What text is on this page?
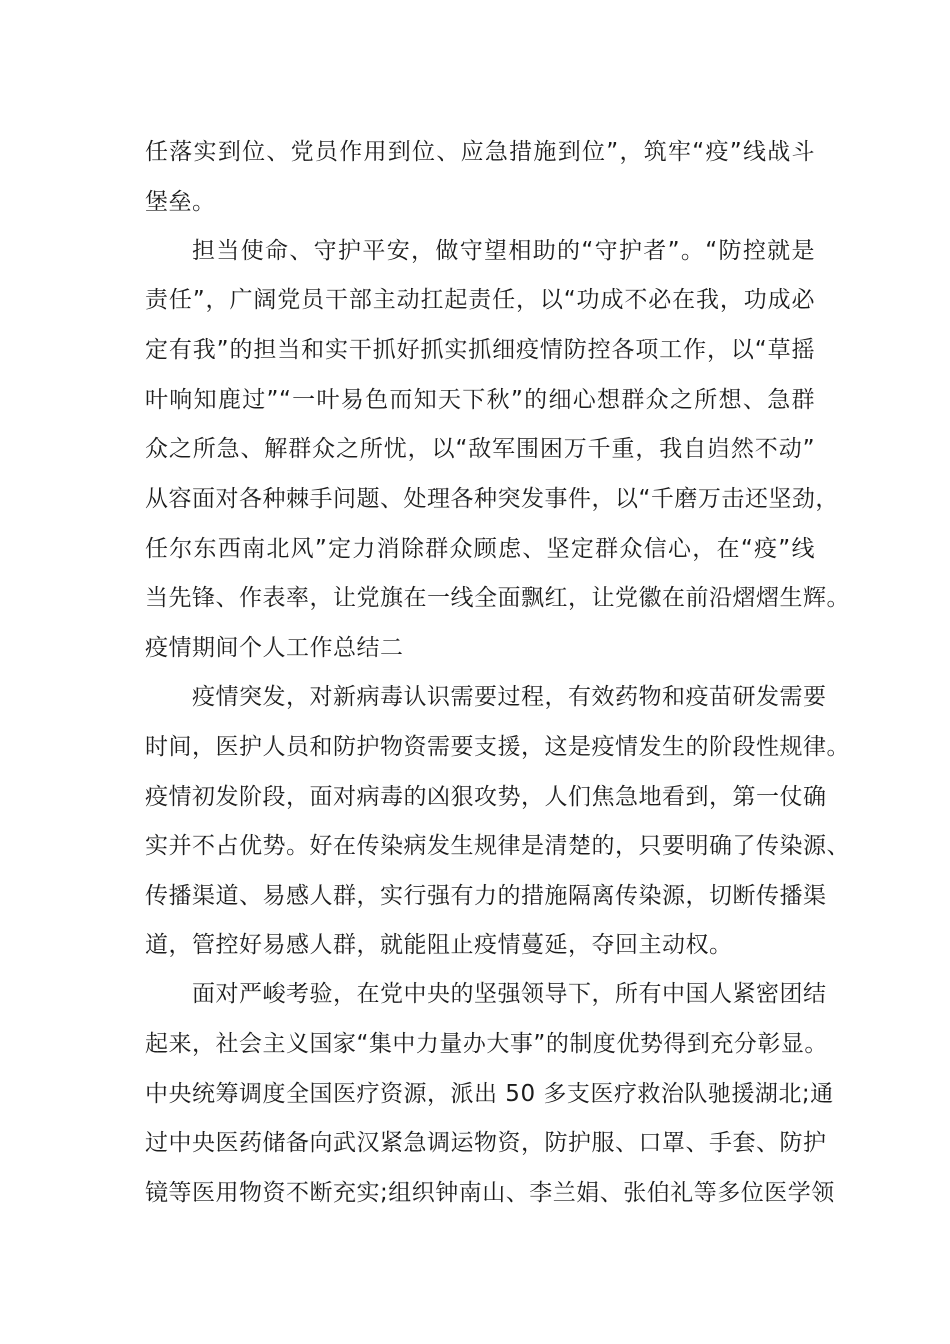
任落实到位、党员作用到位、应急措施到位”，筑牢“疫”线战斗
堡垒。
担当使命、守护平安，做守望相助的“守护者”。“防控就是
责任”，广阔党员干部主动扛起责任，以“功成不必在我，功成必
定有我”的担当和实干抓好抓实抓细疫情防控各项工作，以“草摇
叶响知鹿过”“一叶易色而知天下秋”的细心想群众之所想、急群
众之所急、解群众之所忧，以“敌军围困万千重，我自岿然不动”
从容面对各种棘手问题、处理各种突发事件，以“千磨万击还坚劲，
任尔东西南北风”定力消除群众顾虑、坚定群众信心，在“疫”线
当先锋、作表率，让党旗在一线全面飘红，让党徽在前沿熠熠生辉。
疫情期间个人工作总结二
疫情突发，对新病毒认识需要过程，有效药物和疫苗研发需要
时间，医护人员和防护物资需要支援，这是疫情发生的阶段性规律。
疫情初发阶段，面对病毒的凶狠攻势，人们焦急地看到，第一仗确
实并不占优势。好在传染病发生规律是清楚的，只要明确了传染源、
传播渠道、易感人群，实行强有力的措施隔离传染源，切断传播渠
道，管控好易感人群，就能阻止疫情蔓延，夺回主动权。
面对严峻考验，在党中央的坚强领导下，所有中国人紧密团结
起来，社会主义国家“集中力量办大事”的制度优势得到充分彰显。
中央统筹调度全国医疗资源，派出 50 多支医疗救治队驰援湖北;通
过中央医药储备向武汉紧急调运物资，防护服、口罩、手套、防护
镜等医用物资不断充实;组织钟南山、李兰娟、张伯礼等多位医学领
